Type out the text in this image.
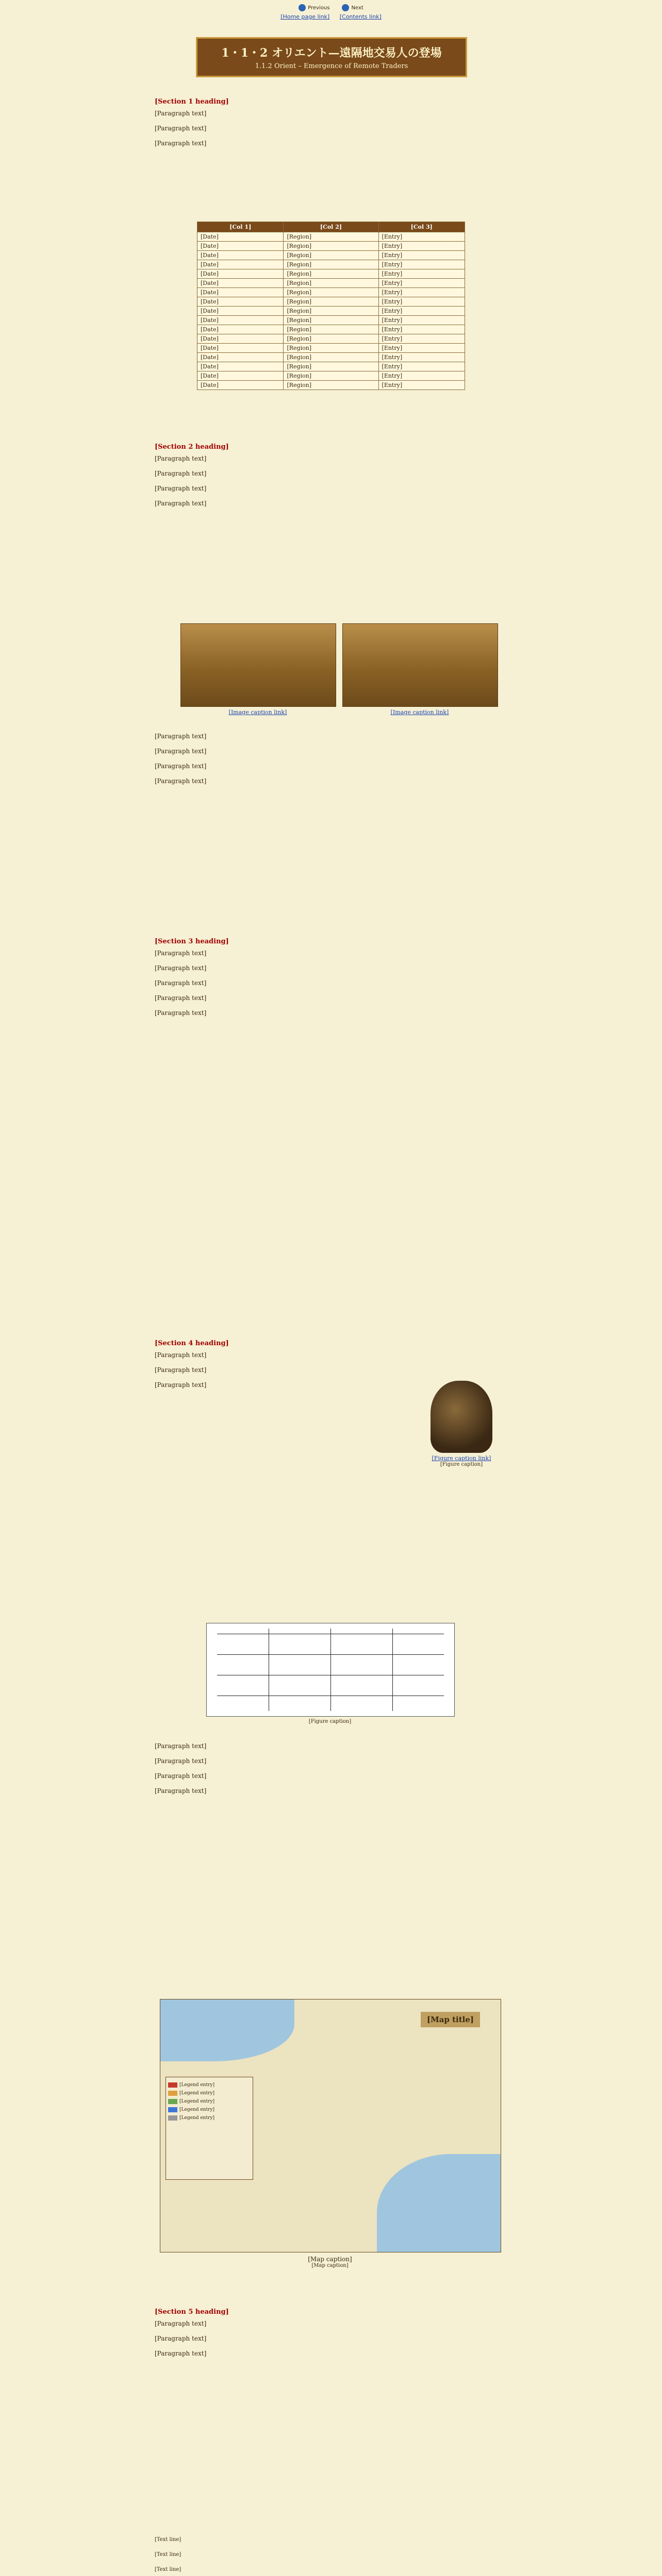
Previous	Next
[Home page link] [Contents link]
1・1・2 オリエント—遠隔地交易人の登場
1.1.2 Orient – Emergence of Remote Traders
[Section 1 heading]

[Paragraph text]

[Paragraph text]

[Paragraph text]

[Col 1]	[Col 2]	[Col 3]
[Date]	[Region]	[Entry]
[Date]	[Region]	[Entry]
[Date]	[Region]	[Entry]
[Date]	[Region]	[Entry]
[Date]	[Region]	[Entry]
[Date]	[Region]	[Entry]
[Date]	[Region]	[Entry]
[Date]	[Region]	[Entry]
[Date]	[Region]	[Entry]
[Date]	[Region]	[Entry]
[Date]	[Region]	[Entry]
[Date]	[Region]	[Entry]
[Date]	[Region]	[Entry]
[Date]	[Region]	[Entry]
[Date]	[Region]	[Entry]
[Date]	[Region]	[Entry]
[Date]	[Region]	[Entry]
[Section 2 heading]

[Paragraph text]

[Paragraph text]

[Paragraph text]

[Paragraph text]

[Image caption link]	[Image caption link]

[Paragraph text]

[Paragraph text]

[Paragraph text]

[Paragraph text]

[Section 3 heading]

[Paragraph text]

[Paragraph text]

[Paragraph text]

[Paragraph text]

[Paragraph text]

[Section 4 heading]

[Paragraph text]

[Paragraph text]

[Paragraph text]

[Figure caption link]
[Figure caption]
[Figure caption]

[Paragraph text]

[Paragraph text]

[Paragraph text]

[Paragraph text]

[Map title]
[Legend entry]
[Legend entry]
[Legend entry]
[Legend entry]
[Legend entry]
[Map caption]
[Map caption]
[Section 5 heading]

[Paragraph text]

[Paragraph text]

[Paragraph text]

[Text line]
[Text line]
[Text line]
